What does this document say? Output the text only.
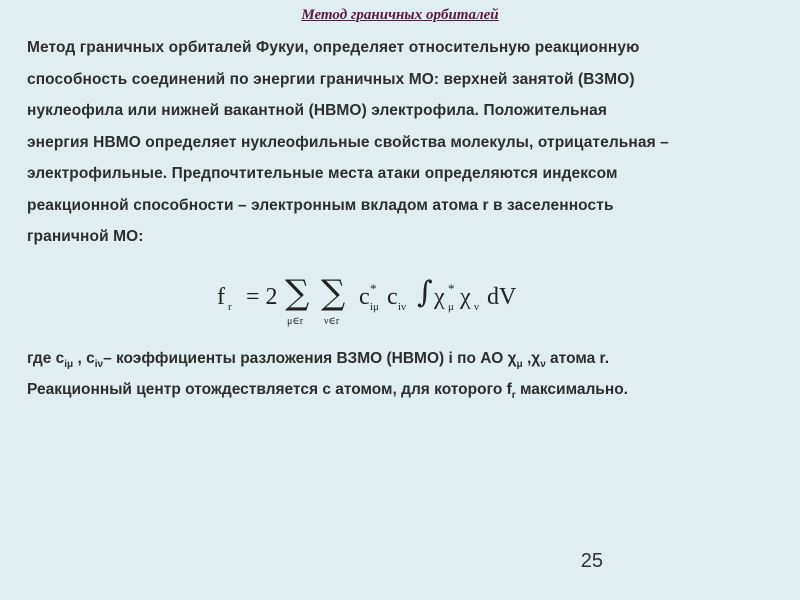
Метод граничных орбиталей
Метод граничных орбиталей Фукуи, определяет относительную реакционную
способность соединений по энергии граничных МО: верхней занятой (ВЗМО)
нуклеофила или нижней вакантной (НВМО) электрофила. Положительная
энергия НВМО определяет нуклеофильные свойства молекулы, отрицательная –
электрофильные. Предпочтительные места атаки определяются индексом
реакционной способности – электронным вкладом атома r в заселенность
граничной МО:
f r = 2 ∑
μ∈r
∑
ν∈r
c *
iμ c iν ∫ χ *
μ χ ν dV
где $c_{i\mu}$ , $c_{i\nu}-$ коэффициенты разложения ВЗМО (НВМО) i по АО $\chi_\mu$ $,\chi_\nu$ атома r.
Реакционный центр отождествляется с атомом, для которого $f_r$ максимально.
25
